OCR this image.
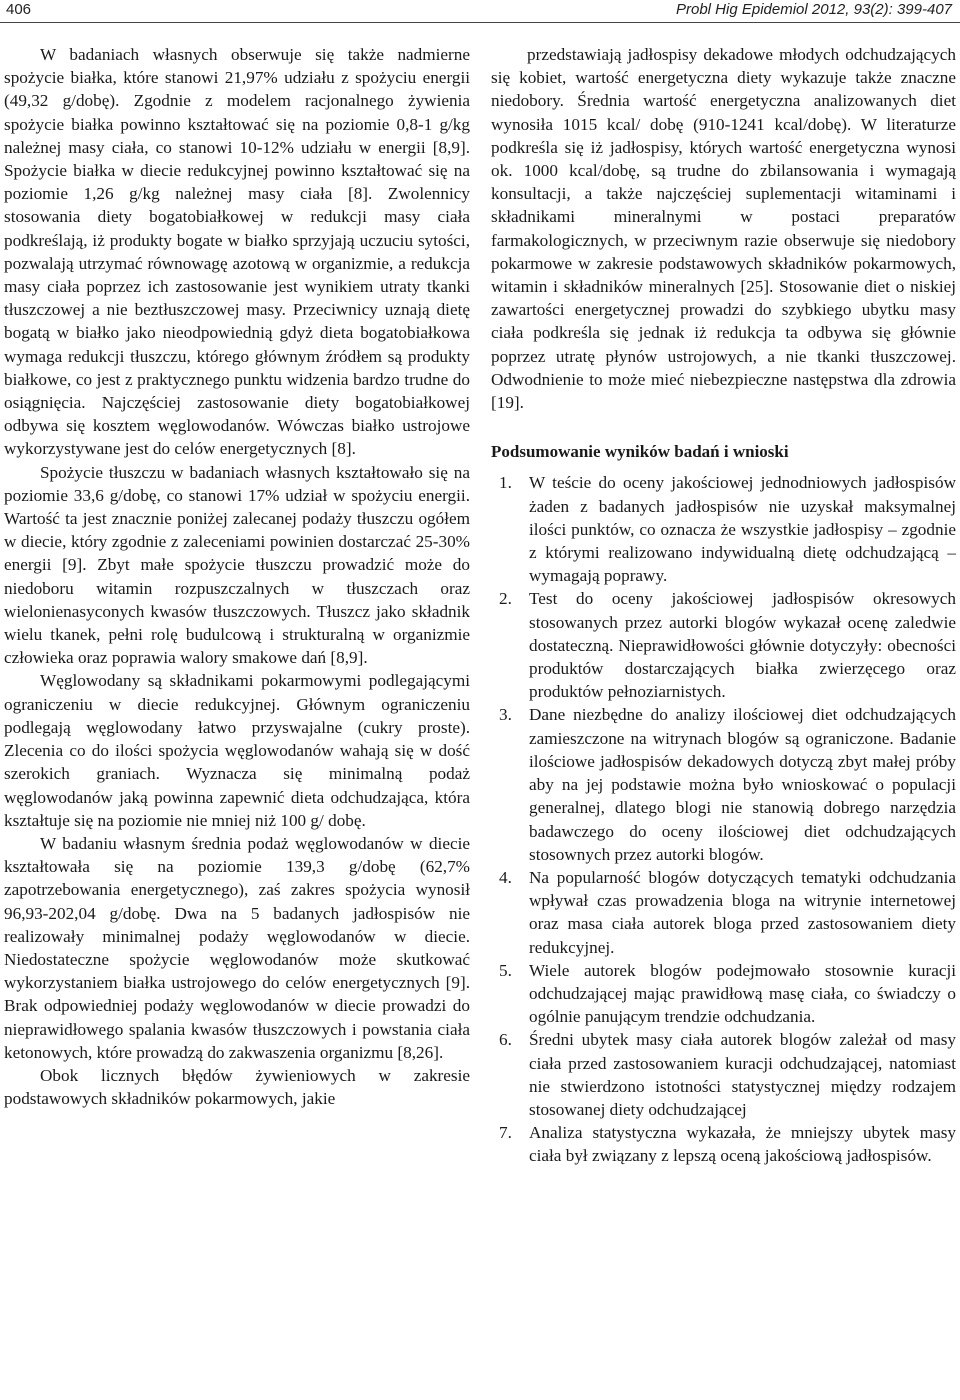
406	Probl Hig Epidemiol 2012, 93(2): 399-407

W badaniach własnych obserwuje się także nadmierne spożycie białka, które stanowi 21,97% udziału z spożyciu energii (49,32 g/dobę). Zgodnie z modelem racjonalnego żywienia spożycie białka powinno kształtować się na poziomie 0,8-1 g/kg należnej masy ciała, co stanowi 10-12% udziału w energii [8,9]. Spożycie białka w diecie redukcyjnej powinno kształtować się na poziomie 1,26 g/kg należnej masy ciała [8]. Zwolennicy stosowania diety bogatobiałkowej w redukcji masy ciała podkreślają, iż produkty bogate w białko sprzyjają uczuciu sytości, pozwalają utrzymać równowagę azotową w organizmie, a redukcja masy ciała poprzez ich zastosowanie jest wynikiem utraty tkanki tłuszczowej a nie beztłuszczowej masy. Przeciwnicy uznają dietę bogatą w białko jako nieodpowiednią gdyż dieta bogatobiałkowa wymaga redukcji tłuszczu, którego głównym źródłem są produkty białkowe, co jest z praktycznego punktu widzenia bardzo trudne do osiągnięcia. Najczęściej zastosowanie diety bogatobiałkowej odbywa się kosztem węglowodanów. Wówczas białko ustrojowe wykorzystywane jest do celów energetycznych [8].

Spożycie tłuszczu w badaniach własnych kształtowało się na poziomie 33,6 g/dobę, co stanowi 17% udział w spożyciu energii. Wartość ta jest znacznie poniżej zalecanej podaży tłuszczu ogółem w diecie, który zgodnie z zaleceniami powinien dostarczać 25-30% energii [9]. Zbyt małe spożycie tłuszczu prowadzić może do niedoboru witamin rozpuszczalnych w tłuszczach oraz wielonienasyconych kwasów tłuszczowych. Tłuszcz jako składnik wielu tkanek, pełni rolę budulcową i strukturalną w organizmie człowieka oraz poprawia walory smakowe dań [8,9].

Węglowodany są składnikami pokarmowymi podlegającymi ograniczeniu w diecie redukcyjnej. Głównym ograniczeniu podlegają węglowodany łatwo przyswajalne (cukry proste). Zlecenia co do ilości spożycia węglowodanów wahają się w dość szerokich graniach. Wyznacza się minimalną podaż węglowodanów jaką powinna zapewnić dieta odchudzająca, która kształtuje się na poziomie nie mniej niż 100 g/ dobę.

W badaniu własnym średnia podaż węglowodanów w diecie kształtowała się na poziomie 139,3 g/dobę (62,7% zapotrzebowania energetycznego), zaś zakres spożycia wynosił 96,93-202,04 g/dobę. Dwa na 5 badanych jadłospisów nie realizowały minimalnej podaży węglowodanów w diecie. Niedostateczne spożycie węglowodanów może skutkować wykorzystaniem białka ustrojowego do celów energetycznych [9]. Brak odpowiedniej podaży węglowodanów w diecie prowadzi do nieprawidłowego spalania kwasów tłuszczowych i powstania ciała ketonowych, które prowadzą do zakwaszenia organizmu [8,26].

Obok licznych błędów żywieniowych w zakresie podstawowych składników pokarmowych, jakie

przedstawiają jadłospisy dekadowe młodych odchudzających się kobiet, wartość energetyczna diety wykazuje także znaczne niedobory. Średnia wartość energetyczna analizowanych diet wynosiła 1015 kcal/ dobę (910-1241 kcal/dobę). W literaturze podkreśla się iż jadłospisy, których wartość energetyczna wynosi ok. 1000 kcal/dobę, są trudne do zbilansowania i wymagają konsultacji, a także najczęściej suplementacji witaminami i składnikami mineralnymi w postaci preparatów farmakologicznych, w przeciwnym razie obserwuje się niedobory pokarmowe w zakresie podstawowych składników pokarmowych, witamin i składników mineralnych [25]. Stosowanie diet o niskiej zawartości energetycznej prowadzi do szybkiego ubytku masy ciała podkreśla się jednak iż redukcja ta odbywa się głównie poprzez utratę płynów ustrojowych, a nie tkanki tłuszczowej. Odwodnienie to może mieć niebezpieczne następstwa dla zdrowia [19].

Podsumowanie wyników badań i wnioski
1. W teście do oceny jakościowej jednodniowych jadłospisów żaden z badanych jadłospisów nie uzyskał maksymalnej ilości punktów, co oznacza że wszystkie jadłospisy – zgodnie z którymi realizowano indywidualną dietę odchudzającą – wymagają poprawy.
2. Test do oceny jakościowej jadłospisów okresowych stosowanych przez autorki blogów wykazał ocenę zaledwie dostateczną. Nieprawidłowości głównie dotyczyły: obecności produktów dostarczających białka zwierzęcego oraz produktów pełnoziarnistych.
3. Dane niezbędne do analizy ilościowej diet odchudzających zamieszczone na witrynach blogów są ograniczone. Badanie ilościowe jadłospisów dekadowych dotyczą zbyt małej próby aby na jej podstawie można było wnioskować o populacji generalnej, dlatego blogi nie stanowią dobrego narzędzia badawczego do oceny ilościowej diet odchudzających stosownych przez autorki blogów.
4. Na popularność blogów dotyczących tematyki odchudzania wpływał czas prowadzenia bloga na witrynie internetowej oraz masa ciała autorek bloga przed zastosowaniem diety redukcyjnej.
5. Wiele autorek blogów podejmowało stosownie kuracji odchudzającej mając prawidłową masę ciała, co świadczy o ogólnie panującym trendzie odchudzania.
6. Średni ubytek masy ciała autorek blogów zależał od masy ciała przed zastosowaniem kuracji odchudzającej, natomiast nie stwierdzono istotności statystycznej między rodzajem stosowanej diety odchudzającej
7. Analiza statystyczna wykazała, że mniejszy ubytek masy ciała był związany z lepszą oceną jakościową jadłospisów.
